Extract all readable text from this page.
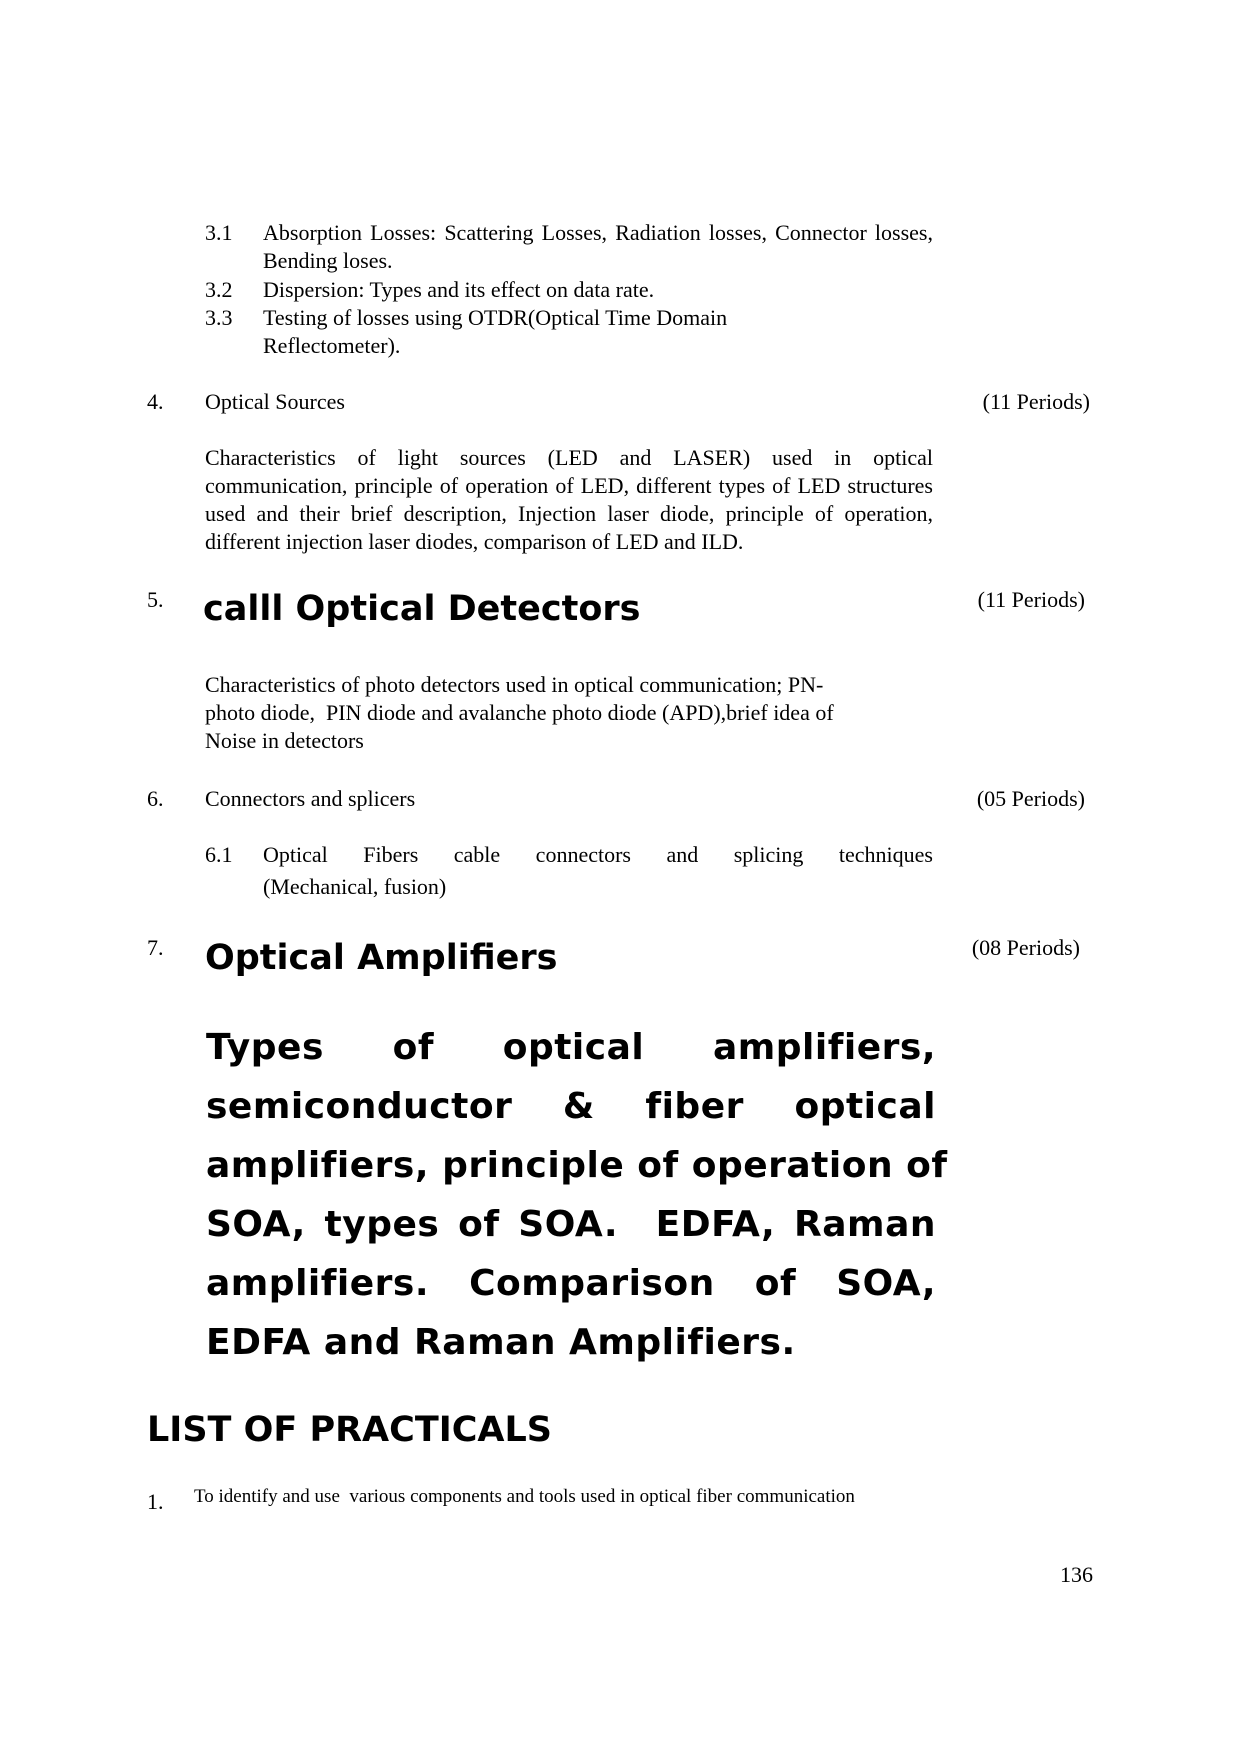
3.1 Absorption Losses: Scattering Losses, Radiation losses, Connector losses, Bending loses.
3.2 Dispersion: Types and its effect on data rate.
3.3 Testing of losses using OTDR(Optical Time Domain
Reflectometer).
4. Optical Sources	(11 Periods)
Characteristics of light sources (LED and LASER) used in optical communication, principle of operation of LED, different types of LED structures used and their brief description, Injection laser diode, principle of operation, different injection laser diodes, comparison of LED and ILD.
5. calll Optical Detectors	(11 Periods)
Characteristics of photo detectors used in optical communication; PN-
photo diode,  PIN diode and avalanche photo diode (APD),brief idea of
Noise in detectors
6. Connectors and splicers	(05 Periods)
6.1 Optical Fibers cable connectors and splicing techniques
(Mechanical, fusion)
7. Optical Amplifiers	(08 Periods)
Types of optical amplifiers,
semiconductor & fiber optical
amplifiers, principle of operation of
SOA, types of SOA.  EDFA, Raman
amplifiers. Comparison of SOA,
EDFA and Raman Amplifiers.
LIST OF PRACTICALS
1. To identify and use  various components and tools used in optical fiber communication
136
